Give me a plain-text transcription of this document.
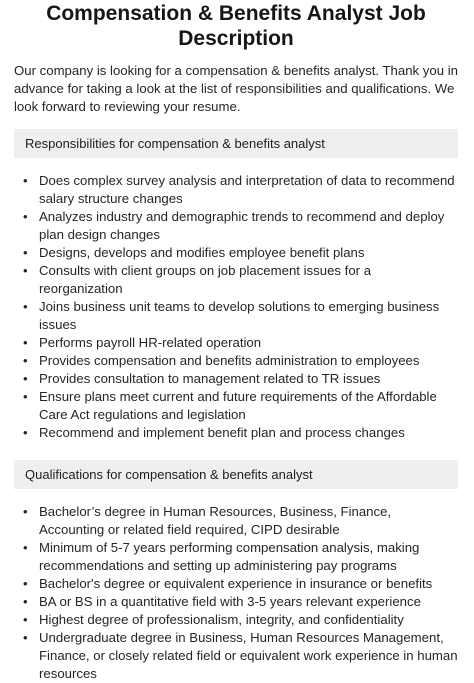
Compensation & Benefits Analyst Job Description

Our company is looking for a compensation & benefits analyst. Thank you in advance for taking a look at the list of responsibilities and qualifications. We look forward to reviewing your resume.

Responsibilities for compensation & benefits analyst
• Does complex survey analysis and interpretation of data to recommend salary structure changes
• Analyzes industry and demographic trends to recommend and deploy plan design changes
• Designs, develops and modifies employee benefit plans
• Consults with client groups on job placement issues for a reorganization
• Joins business unit teams to develop solutions to emerging business issues
• Performs payroll HR-related operation
• Provides compensation and benefits administration to employees
• Provides consultation to management related to TR issues
• Ensure plans meet current and future requirements of the Affordable Care Act regulations and legislation
• Recommend and implement benefit plan and process changes
Qualifications for compensation & benefits analyst
• Bachelor’s degree in Human Resources, Business, Finance, Accounting or related field required, CIPD desirable
• Minimum of 5-7 years performing compensation analysis, making recommendations and setting up administering pay programs
• Bachelor's degree or equivalent experience in insurance or benefits
• BA or BS in a quantitative field with 3-5 years relevant experience
• Highest degree of professionalism, integrity, and confidentiality
• Undergraduate degree in Business, Human Resources Management, Finance, or closely related field or equivalent work experience in human resources
